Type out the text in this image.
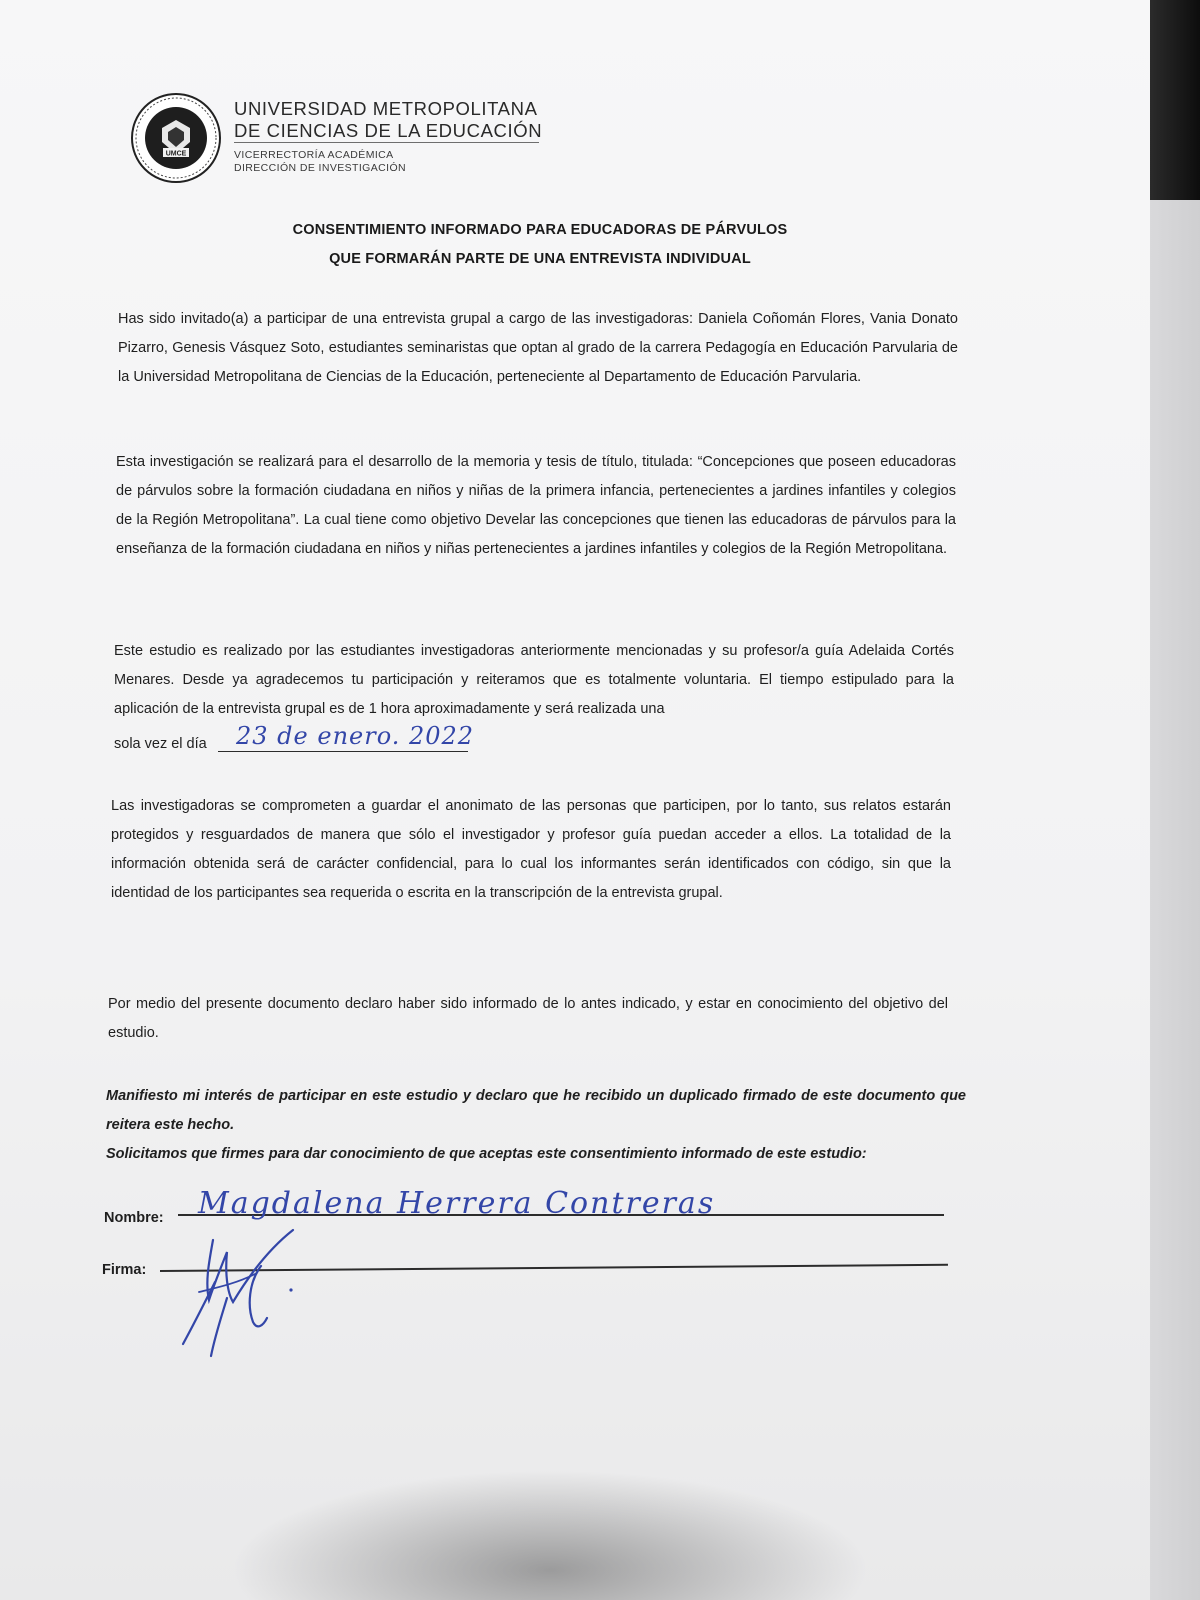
UMCE
UNIVERSIDAD METROPOLITANA
DE CIENCIAS DE LA EDUCACIÓN
VICERRECTORÍA ACADÉMICA
DIRECCIÓN DE INVESTIGACIÓN
CONSENTIMIENTO INFORMADO PARA EDUCADORAS DE PÁRVULOS
QUE FORMARÁN PARTE DE UNA ENTREVISTA INDIVIDUAL
Has sido invitado(a) a participar de una entrevista grupal a cargo de las investigadoras: Daniela Coñomán Flores, Vania Donato Pizarro, Genesis Vásquez Soto, estudiantes seminaristas que optan al grado de la carrera Pedagogía en Educación Parvularia de la Universidad Metropolitana de Ciencias de la Educación, perteneciente al Departamento de Educación Parvularia.
Esta investigación se realizará para el desarrollo de la memoria y tesis de título, titulada: “Concepciones que poseen educadoras de párvulos sobre la formación ciudadana en niños y niñas de la primera infancia, pertenecientes a jardines infantiles y colegios de la Región Metropolitana”. La cual tiene como objetivo Develar las concepciones que tienen las educadoras de párvulos para la enseñanza de la formación ciudadana en niños y niñas pertenecientes a jardines infantiles y colegios de la Región Metropolitana.
Este estudio es realizado por las estudiantes investigadoras anteriormente mencionadas y su profesor/a guía Adelaida Cortés Menares. Desde ya agradecemos tu participación y reiteramos que es totalmente voluntaria. El tiempo estipulado para la aplicación de la entrevista grupal es de 1 hora aproximadamente y será realizada una
sola vez el día 23 de enero. 2022
Las investigadoras se comprometen a guardar el anonimato de las personas que participen, por lo tanto, sus relatos estarán protegidos y resguardados de manera que sólo el investigador y profesor guía puedan acceder a ellos. La totalidad de la información obtenida será de carácter confidencial, para lo cual los informantes serán identificados con código, sin que la identidad de los participantes sea requerida o escrita en la transcripción de la entrevista grupal.
Por medio del presente documento declaro haber sido informado de lo antes indicado, y estar en conocimiento del objetivo del estudio.
Manifiesto mi interés de participar en este estudio y declaro que he recibido un duplicado firmado de este documento que reitera este hecho.
Solicitamos que firmes para dar conocimiento de que aceptas este consentimiento informado de este estudio:
Nombre: Magdalena Herrera Contreras
Firma:
